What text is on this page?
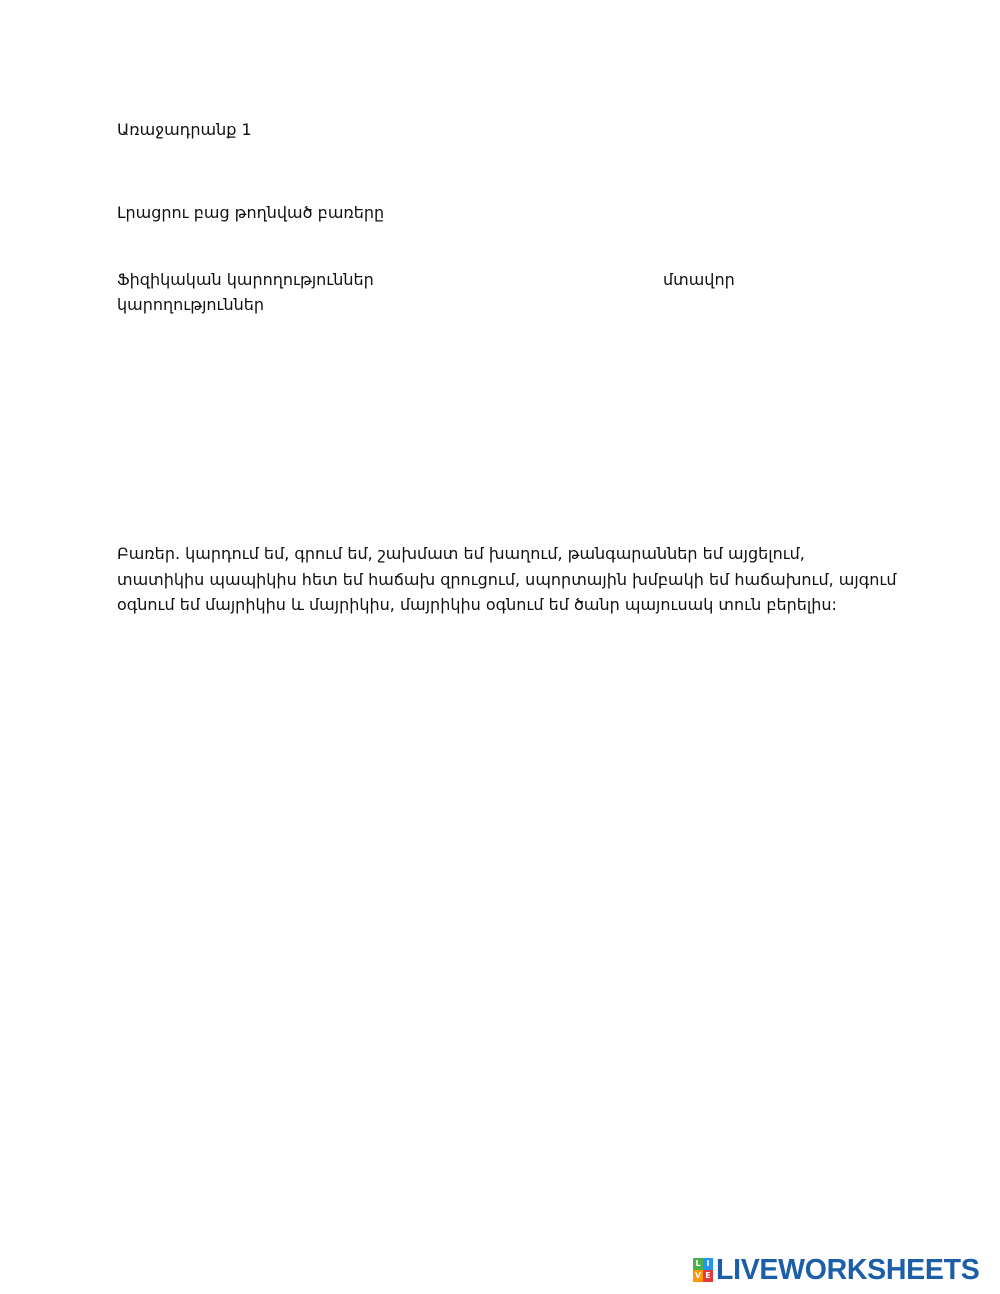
Առաջադրանք 1

Լրացրու բաց թողնված բառերը

Ֆիզիկական կարողություններ	մտավոր

կարողություններ

Բառեր. կարդում եմ, գրում եմ, շախմատ եմ խաղում, թանգարաններ եմ այցելում,
տատիկիս պապիկիս հետ եմ հաճախ զրուցում, սպորտային խմբակի եմ հաճախում, այգում
օգնում եմ մայրիկիս և մայրիկիս, մայրիկիս օգնում եմ ծանր պայուսակ տուն բերելիս:
L I
V E LIVEWORKSHEETS
